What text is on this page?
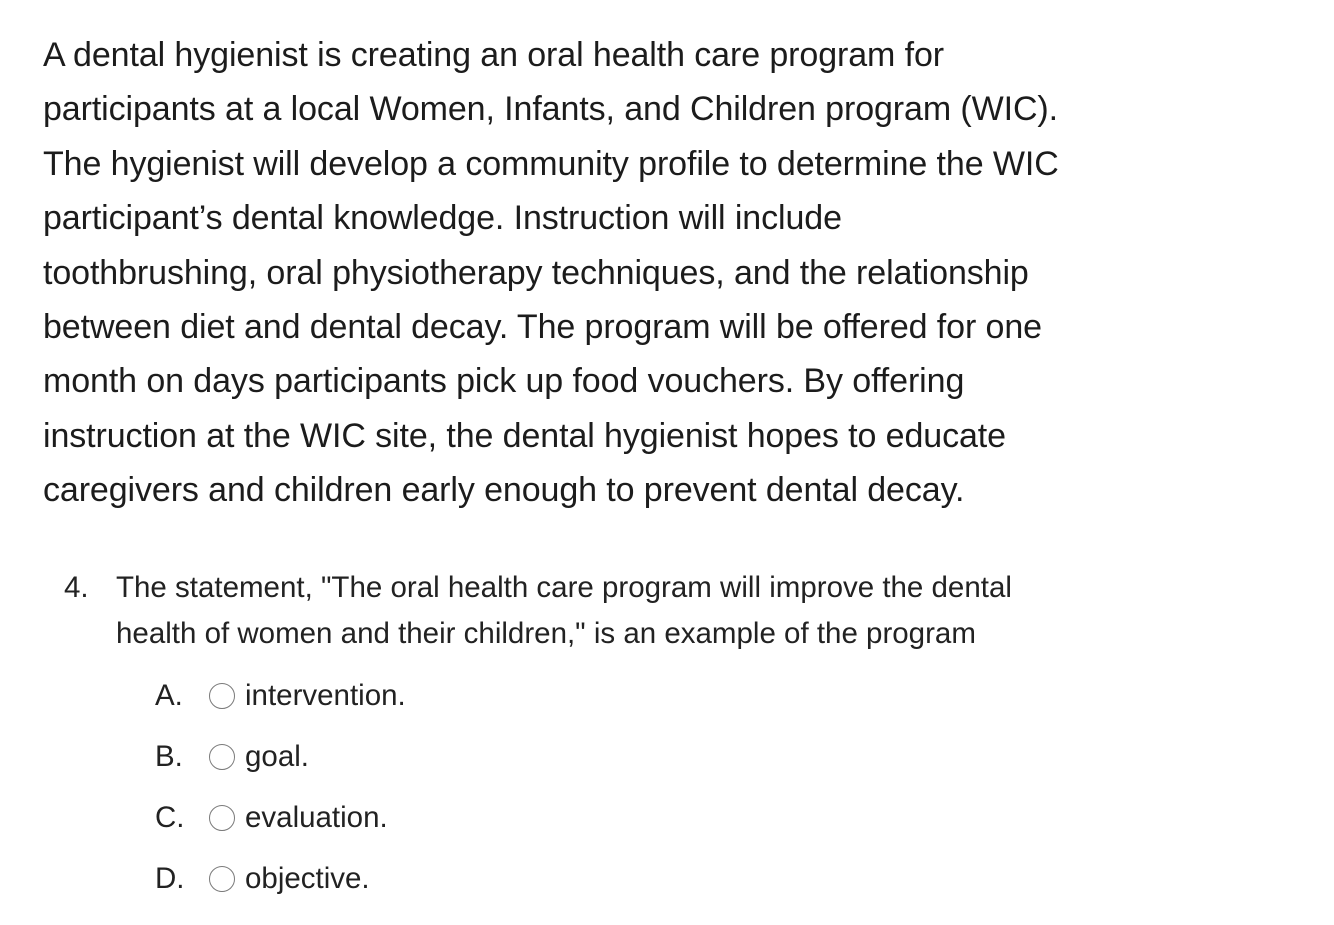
A dental hygienist is creating an oral health care program for
participants at a local Women, Infants, and Children program (WIC).
The hygienist will develop a community profile to determine the WIC
participant’s dental knowledge. Instruction will include
toothbrushing, oral physiotherapy techniques, and the relationship
between diet and dental decay. The program will be offered for one
month on days participants pick up food vouchers. By offering
instruction at the WIC site, the dental hygienist hopes to educate
caregivers and children early enough to prevent dental decay.
4. The statement, "The oral health care program will improve the dental
health of women and their children," is an example of the program
A.	intervention.
B.	goal.
C.	evaluation.
D.	objective.
